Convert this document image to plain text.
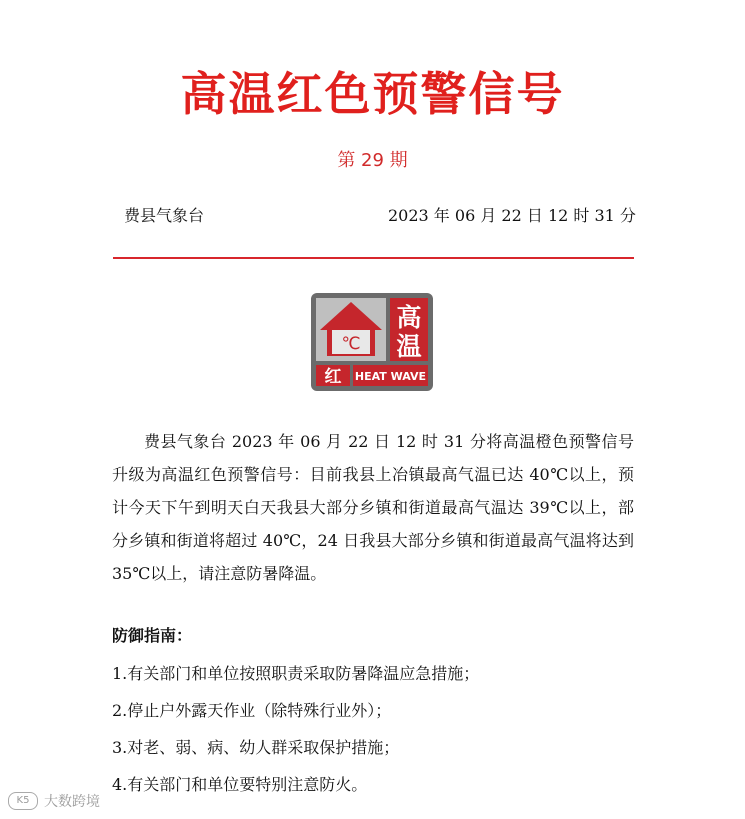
高温红色预警信号
第 29 期
费县气象台	2023 年 06 月 22 日 12 时 31 分
℃
高
温
红 HEAT WAVE

费县气象台 2023 年 06 月 22 日 12 时 31 分将高温橙色预警信号升级为高温红色预警信号：目前我县上冶镇最高气温已达 40℃以上，预计今天下午到明天白天我县大部分乡镇和街道最高气温达 39℃以上，部分乡镇和街道将超过 40℃，24 日我县大部分乡镇和街道最高气温将达到 35℃以上，请注意防暑降温。

防御指南：
1.有关部门和单位按照职责采取防暑降温应急措施；
2.停止户外露天作业（除特殊行业外）；
3.对老、弱、病、幼人群采取保护措施；
4.有关部门和单位要特别注意防火。
K5	大数跨境
